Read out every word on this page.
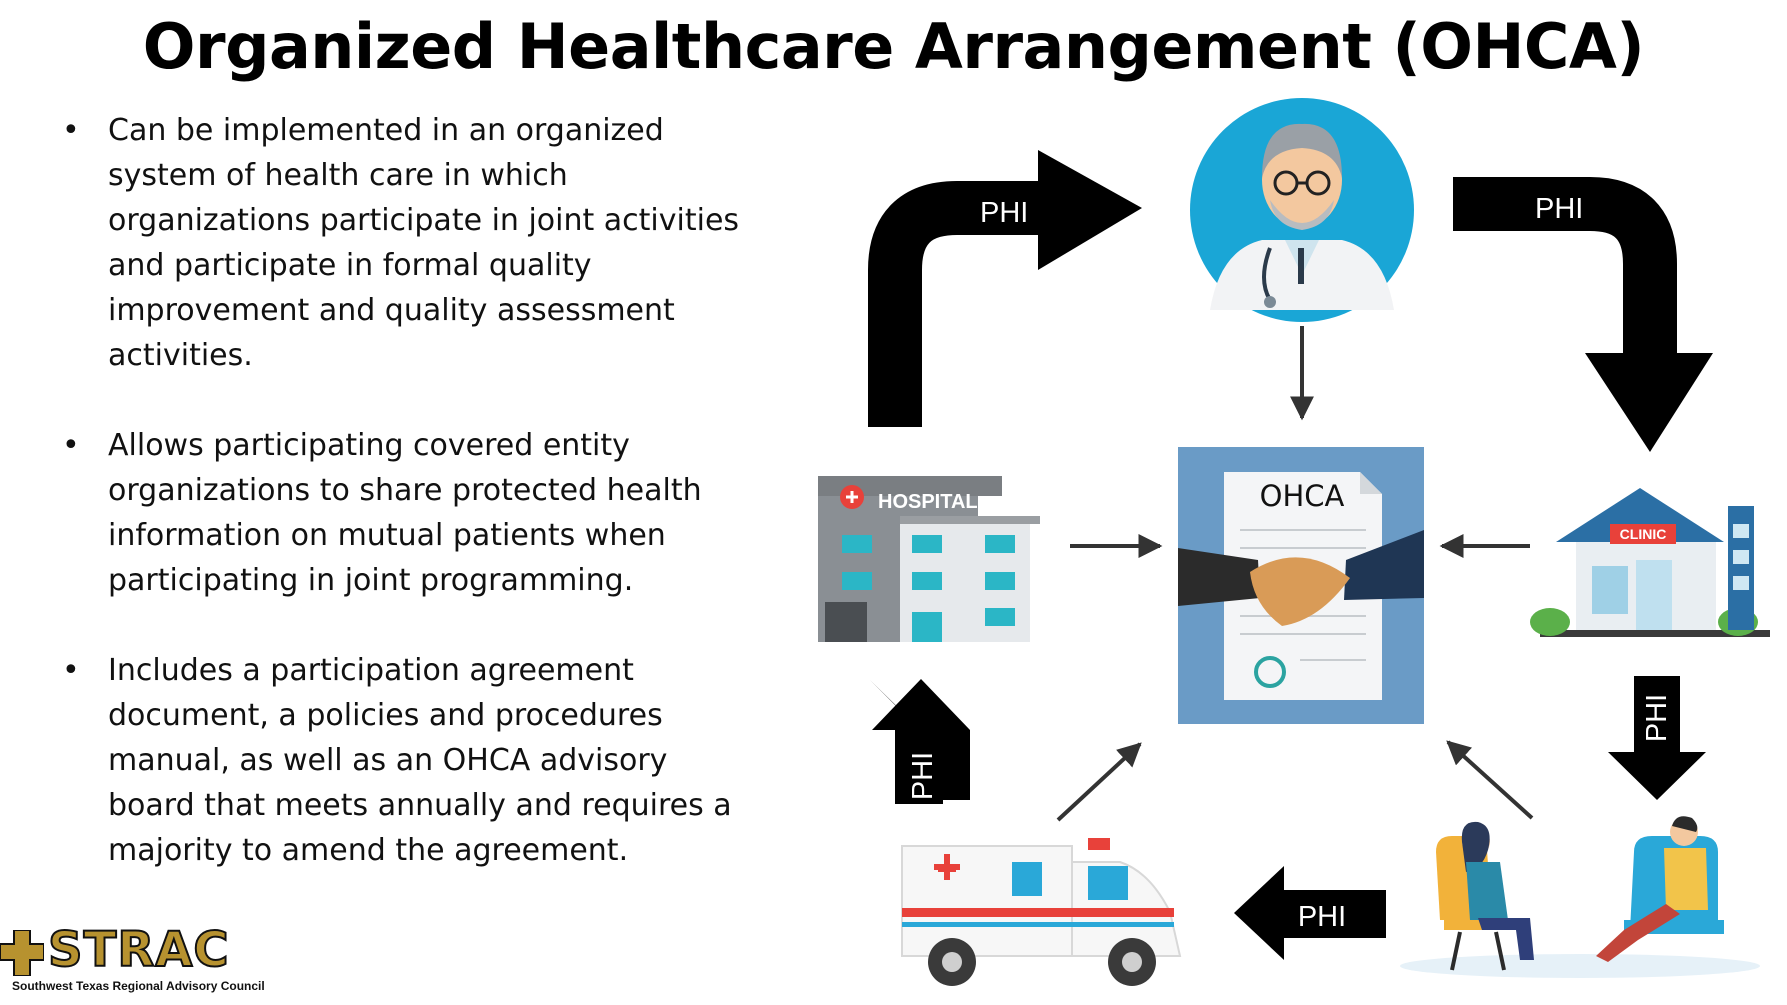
Organized Healthcare Arrangement (OHCA)
• Can be implemented in an organized system of health care in which organizations participate in joint activities and participate in formal quality improvement and quality assessment activities.
• Allows participating covered entity organizations to share protected health information on mutual patients when participating in joint programming.
• Includes a participation agreement document, a policies and procedures manual, as well as an OHCA advisory board that meets annually and requires a majority to amend the agreement.
PHI	PHI
OHCA
HOSPITAL
CLINIC
PHI
PHI
PHI
STRAC
Southwest Texas Regional Advisory Council
